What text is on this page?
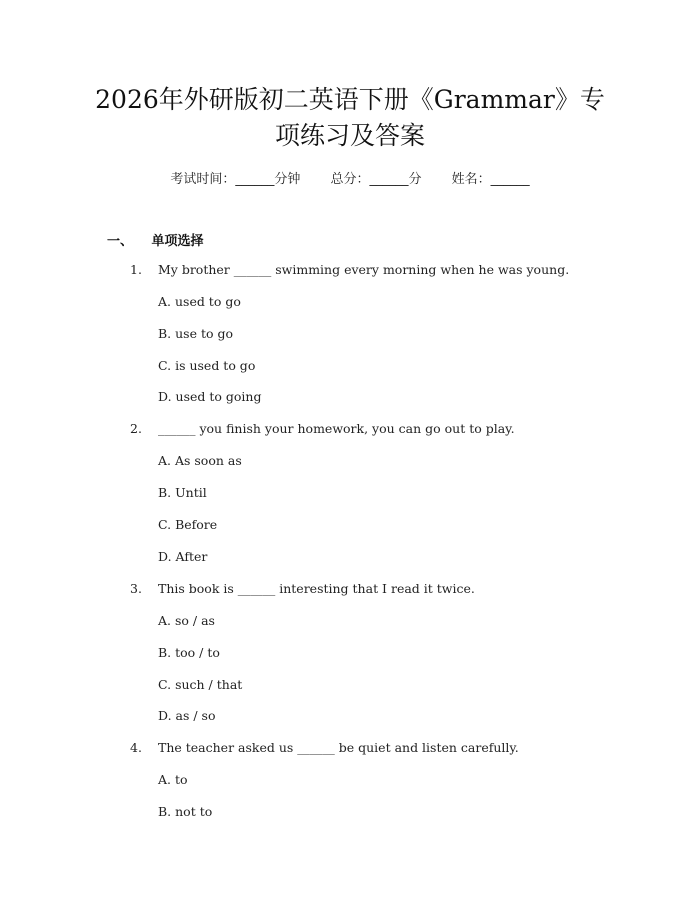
2026年外研版初二英语下册《Grammar》专
项练习及答案
考试时间：______分钟 总分：______分 姓名：______
一、 单项选择
1. My brother ______ swimming every morning when he was young.
A. used to go
B. use to go
C. is used to go
D. used to going
2. ______ you finish your homework, you can go out to play.
A. As soon as
B. Until
C. Before
D. After
3. This book is ______ interesting that I read it twice.
A. so / as
B. too / to
C. such / that
D. as / so
4. The teacher asked us ______ be quiet and listen carefully.
A. to
B. not to
